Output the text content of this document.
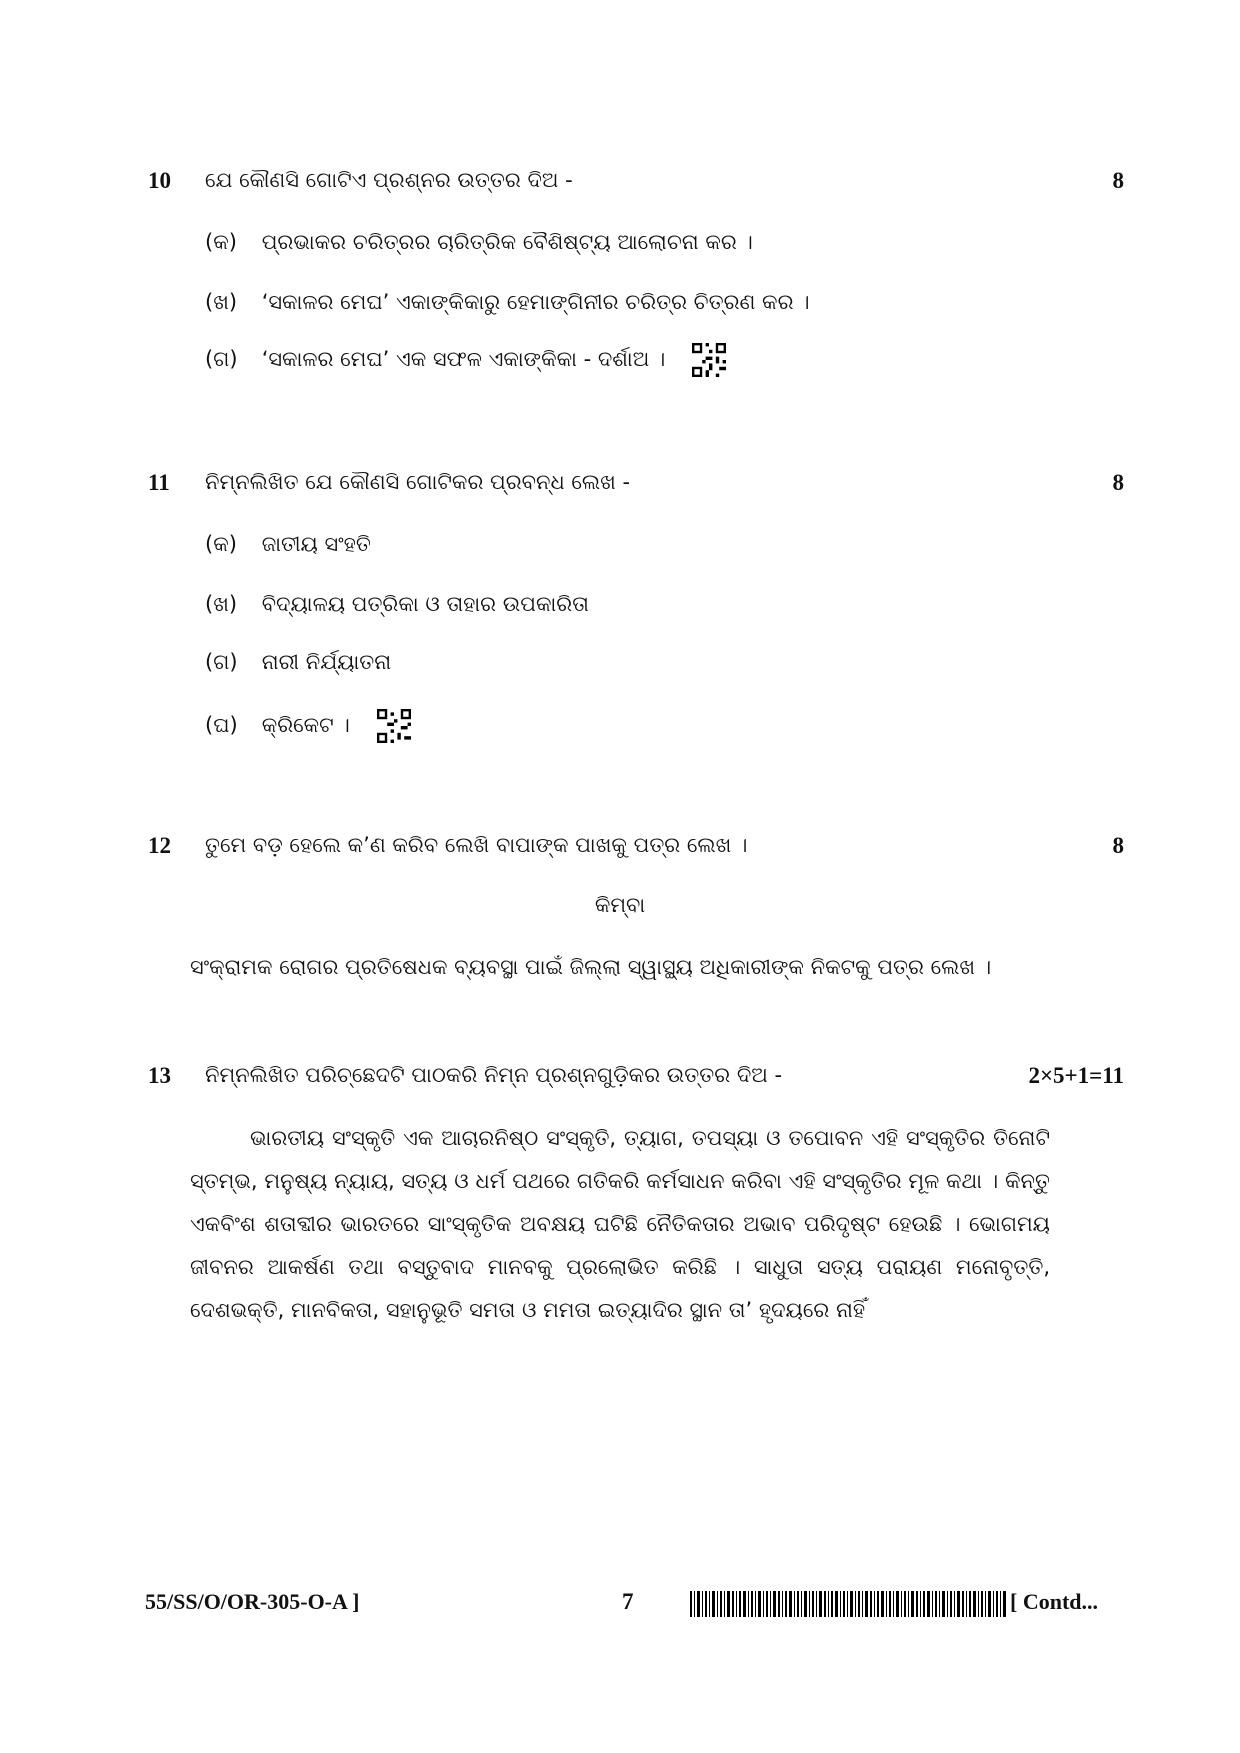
10 ଯେ କୌଣସି ଗୋଟିଏ ପ୍ରଶ୍ନର ଉତ୍ତର ଦିଅ -	8
(କ) ପ୍ରଭାକର ଚରିତ୍ରର ଚାରିତ୍ରିକ ବୈଶିଷ୍ଟ୍ୟ ଆଲୋଚନା କର ।
(ଖ) ‘ସକାଳର ମେଘ’ ଏକାଙ୍କିକାରୁ ହେମାଙ୍ଗିନୀର ଚରିତ୍ର ଚିତ୍ରଣ କର ।
(ଗ) ‘ସକାଳର ମେଘ’ ଏକ ସଫଳ ଏକାଙ୍କିକା - ଦର୍ଶାଅ ।
11 ନିମ୍ନଲିଖିତ ଯେ କୌଣସି ଗୋଟିକର ପ୍ରବନ୍ଧ ଲେଖ -	8
(କ) ଜାତୀୟ ସଂହତି
(ଖ) ବିଦ୍ୟାଳୟ ପତ୍ରିକା ଓ ତାହାର ଉପକାରିତା
(ଗ) ନାରୀ ନିର୍ଯ୍ୟାତନା
(ଘ) କ୍ରିକେଟ ।
12 ତୁମେ ବଡ଼ ହେଲେ କ’ଣ କରିବ ଲେଖି ବାପାଙ୍କ ପାଖକୁ ପତ୍ର ଲେଖ ।	8
କିମ୍ବା
ସଂକ୍ରାମକ ରୋଗର ପ୍ରତିଷେଧକ ବ୍ୟବସ୍ଥା ପାଇଁ ଜିଲ୍ଲା ସ୍ୱାସ୍ଥ୍ୟ ଅଧିକାରୀଙ୍କ ନିକଟକୁ ପତ୍ର ଲେଖ ।
13 ନିମ୍ନଲିଖିତ ପରିଚ୍ଛେଦଟି ପାଠକରି ନିମ୍ନ ପ୍ରଶ୍ନଗୁଡ଼ିକର ଉତ୍ତର ଦିଅ -	2×5+1=11
ଭାରତୀୟ ସଂସ୍କୃତି ଏକ ଆଚାରନିଷ୍ଠ ସଂସ୍କୃତି, ତ୍ୟାଗ, ତପସ୍ୟା ଓ ତପୋବନ ଏହି ସଂସ୍କୃତିର ତିନୋଟି ସ୍ତମ୍ଭ, ମନୁଷ୍ୟ ନ୍ୟାୟ, ସତ୍ୟ ଓ ଧର୍ମ ପଥରେ ଗତିକରି କର୍ମସାଧନ କରିବା ଏହି ସଂସ୍କୃତିର ମୂଳ କଥା । କିନ୍ତୁ ଏକବିଂଶ ଶତାବ୍ଦୀର ଭାରତରେ ସାଂସ୍କୃତିକ ଅବକ୍ଷୟ ଘଟିଛି ନୈତିକତାର ଅଭାବ ପରିଦୃଷ୍ଟ ହେଉଛି । ଭୋଗମୟ ଜୀବନର ଆକର୍ଷଣ ତଥା ବସ୍ତୁବାଦ ମାନବକୁ ପ୍ରଲୋଭିତ କରିଛି । ସାଧୁତା ସତ୍ୟ ପରାୟଣ ମନୋବୃତ୍ତି, ଦେଶଭକ୍ତି, ମାନବିକତା, ସହାନୁଭୂତି ସମତା ଓ ମମତା ଇତ୍ୟାଦିର ସ୍ଥାନ ତା’ ହୃଦୟରେ ନାହିଁ
55/SS/O/OR-305-O-A ]	7	[ Contd...
